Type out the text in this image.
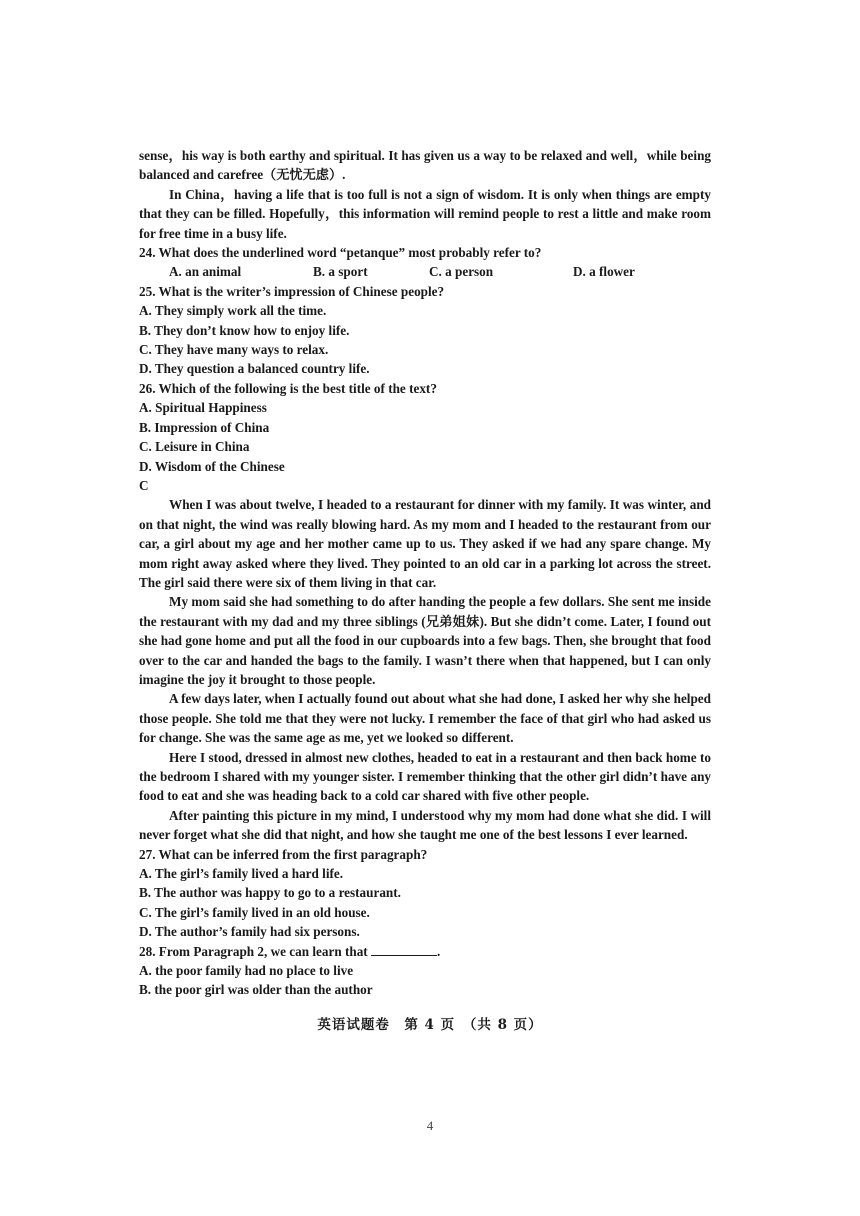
sense，his way is both earthy and spiritual. It has given us a way to be relaxed and well，while being balanced and carefree（无忧无虑）.

In China，having a life that is too full is not a sign of wisdom. It is only when things are empty that they can be filled. Hopefully，this information will remind people to rest a little and make room for free time in a busy life.

24. What does the underlined word “petanque” most probably refer to?

A. an animal	B. a sport	C. a person	D. a flower

25. What is the writer’s impression of Chinese people?

A. They simply work all the time.

B. They don’t know how to enjoy life.

C. They have many ways to relax.

D. They question a balanced country life.

26. Which of the following is the best title of the text?

A. Spiritual Happiness

B. Impression of China

C. Leisure in China

D. Wisdom of the Chinese

C

When I was about twelve, I headed to a restaurant for dinner with my family. It was winter, and on that night, the wind was really blowing hard. As my mom and I headed to the restaurant from our car, a girl about my age and her mother came up to us. They asked if we had any spare change. My mom right away asked where they lived. They pointed to an old car in a parking lot across the street. The girl said there were six of them living in that car.

My mom said she had something to do after handing the people a few dollars. She sent me inside the restaurant with my dad and my three siblings (兄弟姐妹). But she didn’t come. Later, I found out she had gone home and put all the food in our cupboards into a few bags. Then, she brought that food over to the car and handed the bags to the family. I wasn’t there when that happened, but I can only imagine the joy it brought to those people.

A few days later, when I actually found out about what she had done, I asked her why she helped those people. She told me that they were not lucky. I remember the face of that girl who had asked us for change. She was the same age as me, yet we looked so different.

Here I stood, dressed in almost new clothes, headed to eat in a restaurant and then back home to the bedroom I shared with my younger sister. I remember thinking that the other girl didn’t have any food to eat and she was heading back to a cold car shared with five other people.

After painting this picture in my mind, I understood why my mom had done what she did. I will never forget what she did that night, and how she taught me one of the best lessons I ever learned.

27. What can be inferred from the first paragraph?

A. The girl’s family lived a hard life.

B. The author was happy to go to a restaurant.

C. The girl’s family lived in an old house.

D. The author’s family had six persons.

28. From Paragraph 2, we can learn that	.

A. the poor family had no place to live

B. the poor girl was older than the author

英语试题卷　第 4 页　（共 8 页）
4
